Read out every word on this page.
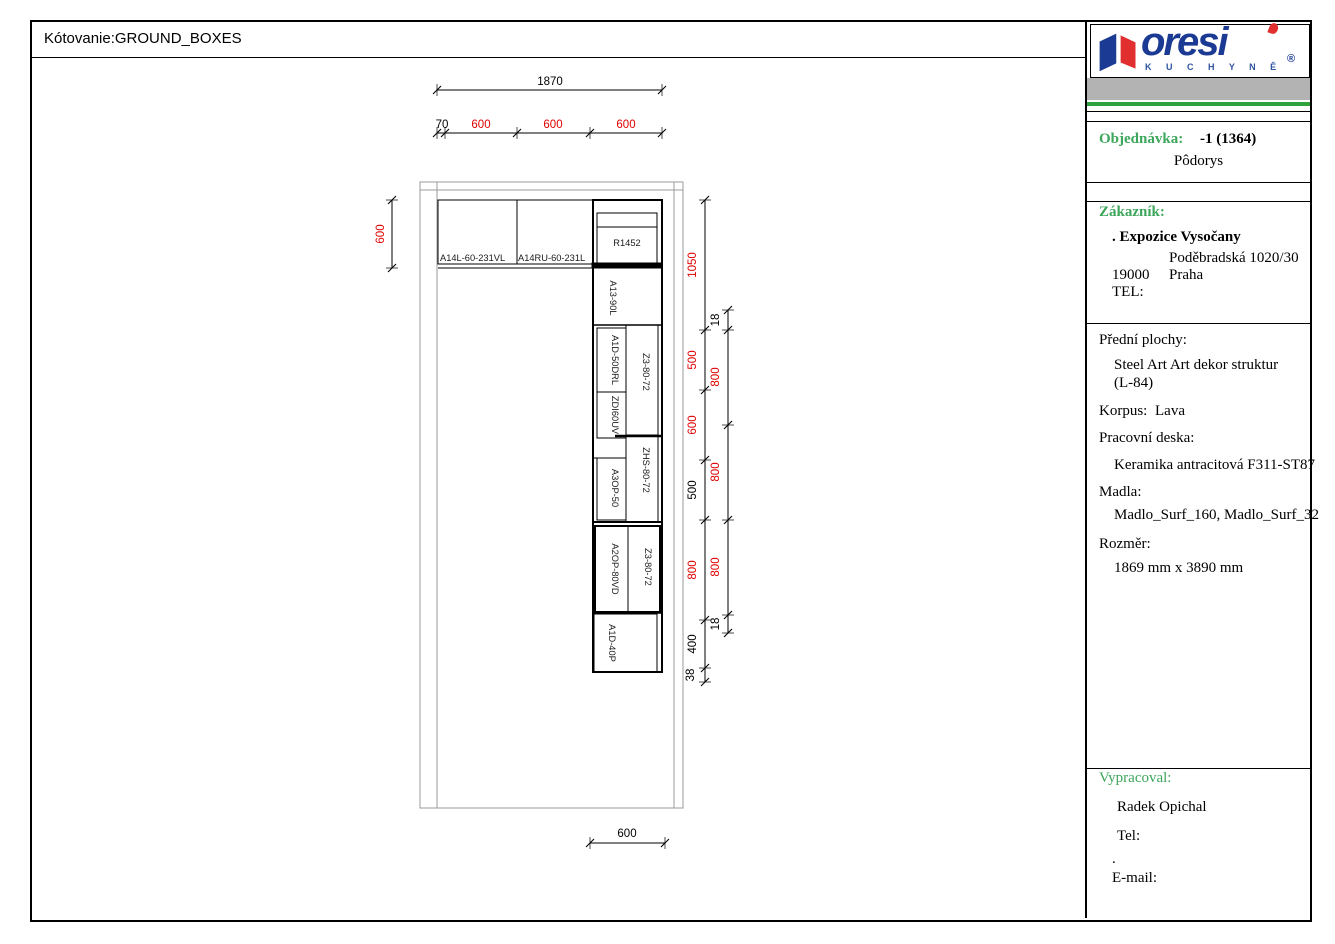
Kótovanie:GROUND_BOXES
A14L-60-231VL A14RU-60-231L
R1452
A13-90L
A1D-50DRL Z3-80-72
ZDI60UV
ZHS-80-72
A3OP-50
A2OP-80VD Z3-80-72
A1D-40P
1870
70 600	600	600
600
1050
500
600
500
800
400
38
18
800
800
800
18
600
oresi	®
K U C H Y N Ě
Objednávka: -1 (1364)
Pôdorys
Zákazník:
. Expozice Vysočany
Poděbradská 1020/30
19000 Praha
TEL:
Přední plochy:
Steel Art Art dekor struktur
(L-84)
Korpus: Lava
Pracovní deska:
Keramika antracitová F311-ST87
Madla:
Madlo_Surf_160, Madlo_Surf_32
Rozměr:
1869 mm x 3890 mm
Vypracoval:
Radek Opichal
Tel:
.
E-mail:
